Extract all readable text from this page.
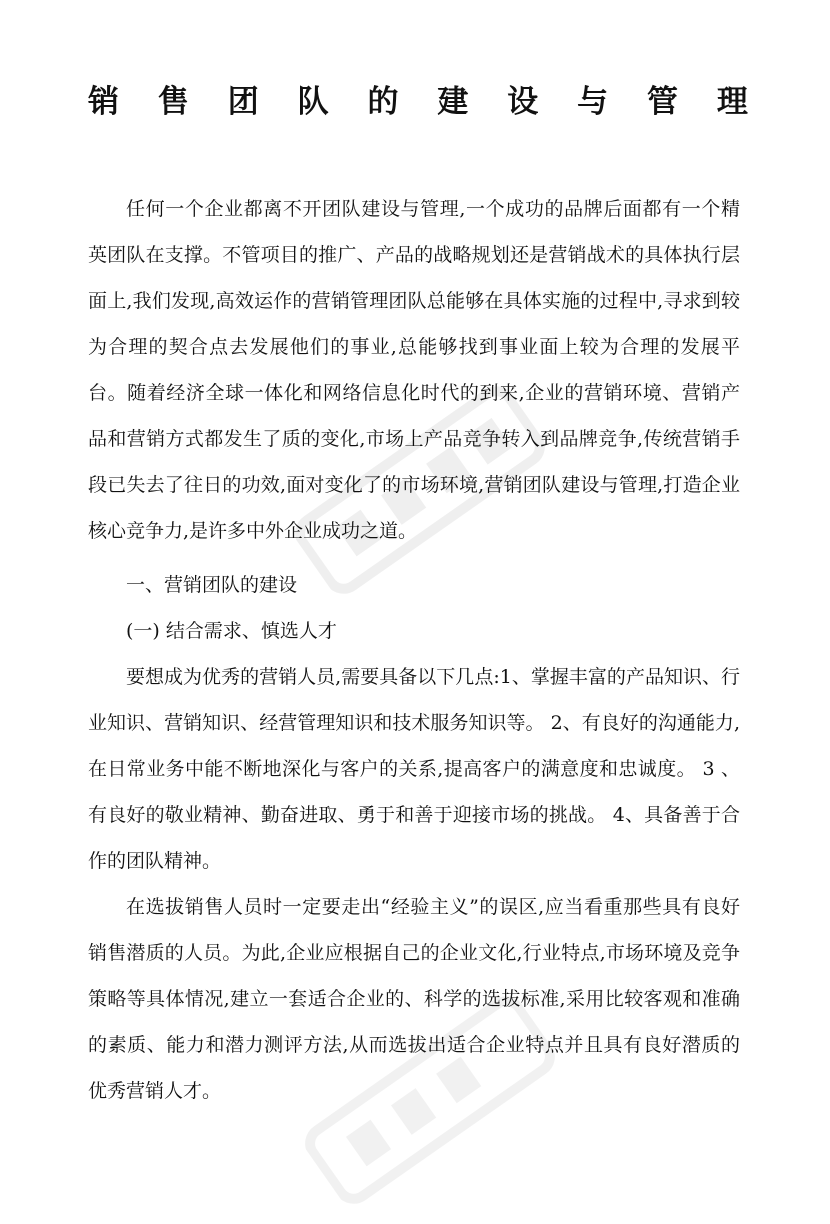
销 售 团 队 的 建 设 与 管 理

任何一个企业都离不开团队建设与管理,一个成功的品牌后面都有一个精英团队在支撑。不管项目的推广、产品的战略规划还是营销战术的具体执行层面上,我们发现,高效运作的营销管理团队总能够在具体实施的过程中,寻求到较为合理的契合点去发展他们的事业,总能够找到事业面上较为合理的发展平台。随着经济全球一体化和网络信息化时代的到来,企业的营销环境、营销产品和营销方式都发生了质的变化,市场上产品竞争转入到品牌竞争,传统营销手段已失去了往日的功效,面对变化了的市场环境,营销团队建设与管理,打造企业核心竞争力,是许多中外企业成功之道。

一、营销团队的建设

(一) 结合需求、慎选人才

要想成为优秀的营销人员,需要具备以下几点:1、掌握丰富的产品知识、行业知识、营销知识、经营管理知识和技术服务知识等。 2、有良好的沟通能力,在日常业务中能不断地深化与客户的关系,提高客户的满意度和忠诚度。 3 、有良好的敬业精神、勤奋进取、勇于和善于迎接市场的挑战。 4、具备善于合作的团队精神。

在选拔销售人员时一定要走出“经验主义”的误区,应当看重那些具有良好销售潜质的人员。为此,企业应根据自己的企业文化,行业特点,市场环境及竞争策略等具体情况,建立一套适合企业的、科学的选拔标准,采用比较客观和准确的素质、能力和潜力测评方法,从而选拔出适合企业特点并且具有良好潜质的优秀营销人才。
